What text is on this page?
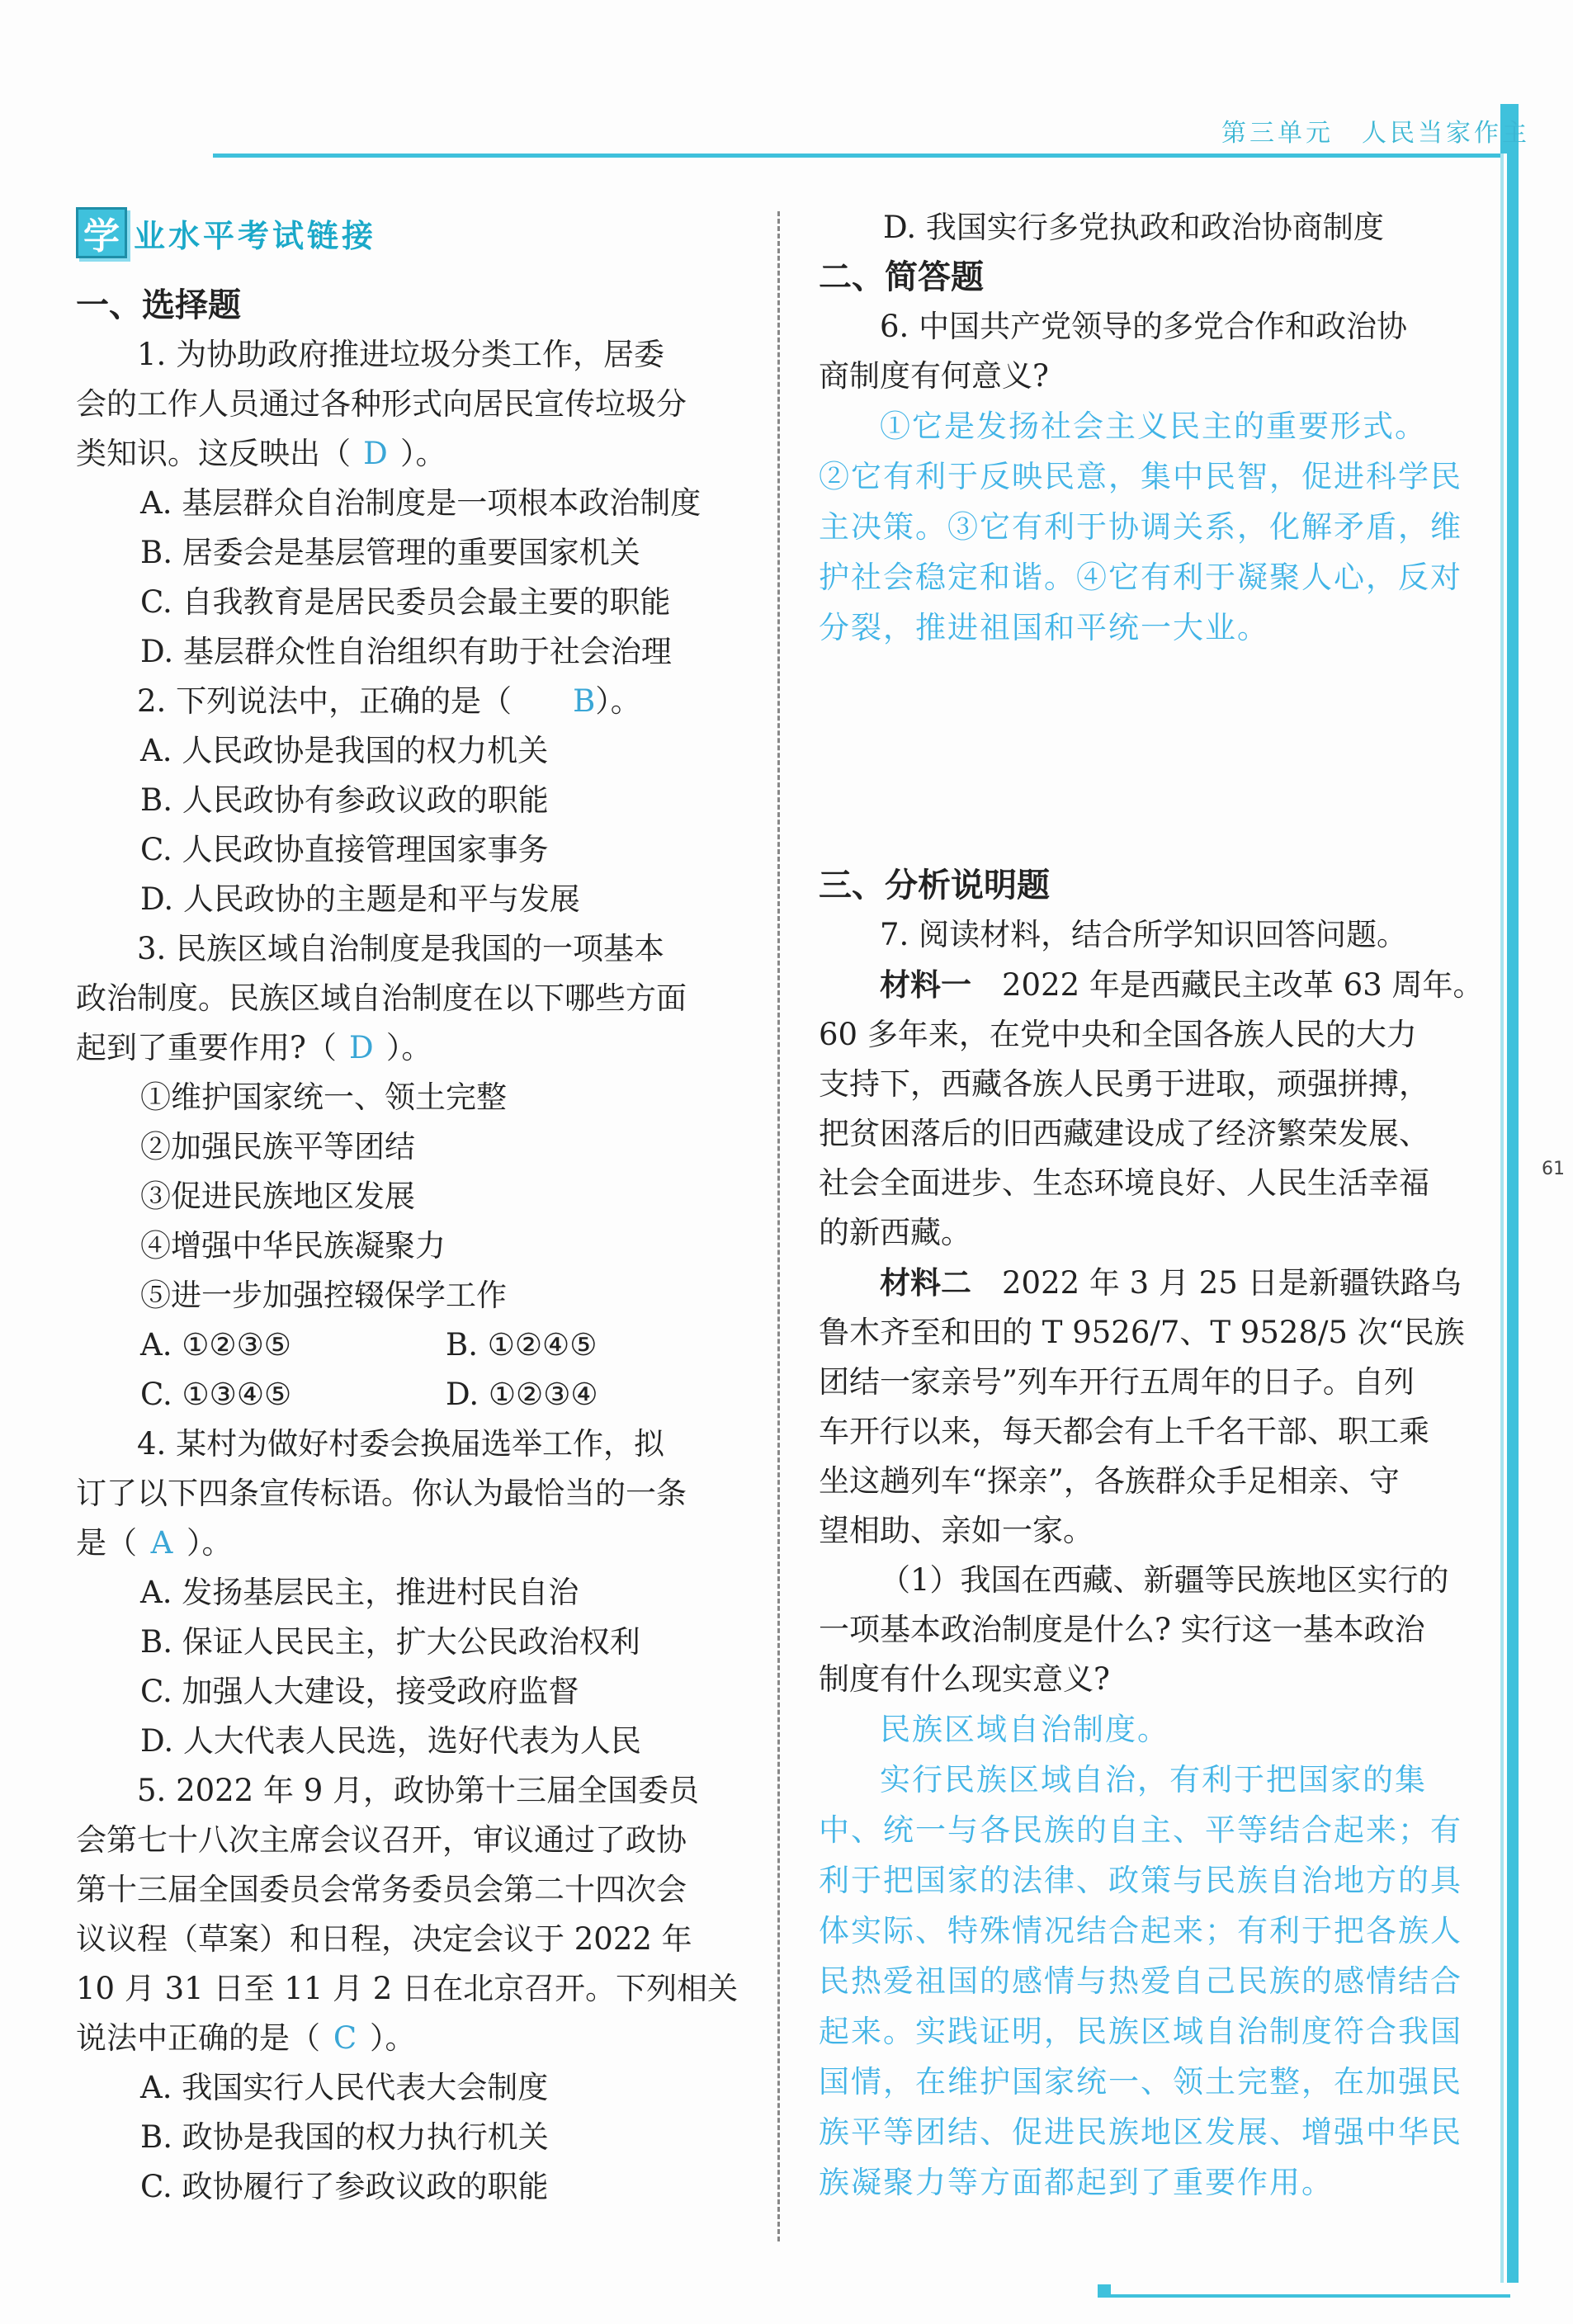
第三单元　人民当家作主
61
学 业水平考试链接

一、选择题

1. 为协助政府推进垃圾分类工作，居委

会的工作人员通过各种形式向居民宣传垃圾分

类知识。这反映出（ D ）。

A. 基层群众自治制度是一项根本政治制度

B. 居委会是基层管理的重要国家机关

C. 自我教育是居民委员会最主要的职能

D. 基层群众性自治组织有助于社会治理

2. 下列说法中，正确的是（ B）。

A. 人民政协是我国的权力机关

B. 人民政协有参政议政的职能

C. 人民政协直接管理国家事务

D. 人民政协的主题是和平与发展

3. 民族区域自治制度是我国的一项基本

政治制度。民族区域自治制度在以下哪些方面

起到了重要作用?（ D ）。

①维护国家统一、领土完整

②加强民族平等团结

③促进民族地区发展

④增强中华民族凝聚力

⑤进一步加强控辍保学工作

A. ①②③⑤	B. ①②④⑤
C. ①③④⑤	D. ①②③④

4. 某村为做好村委会换届选举工作，拟

订了以下四条宣传标语。你认为最恰当的一条

是（ A ）。

A. 发扬基层民主，推进村民自治

B. 保证人民民主，扩大公民政治权利

C. 加强人大建设，接受政府监督

D. 人大代表人民选，选好代表为人民

5. 2022 年 9 月，政协第十三届全国委员

会第七十八次主席会议召开，审议通过了政协

第十三届全国委员会常务委员会第二十四次会

议议程（草案）和日程，决定会议于 2022 年

10 月 31 日至 11 月 2 日在北京召开。下列相关

说法中正确的是（ C ）。

A. 我国实行人民代表大会制度

B. 政协是我国的权力执行机关

C. 政协履行了参政议政的职能

D. 我国实行多党执政和政治协商制度

二、简答题

6. 中国共产党领导的多党合作和政治协

商制度有何意义?

①它是发扬社会主义民主的重要形式。

②它有利于反映民意，集中民智，促进科学民

主决策。③它有利于协调关系，化解矛盾，维

护社会稳定和谐。④它有利于凝聚人心，反对

分裂，推进祖国和平统一大业。

三、分析说明题

7. 阅读材料，结合所学知识回答问题。

材料一　2022 年是西藏民主改革 63 周年。

60 多年来，在党中央和全国各族人民的大力

支持下，西藏各族人民勇于进取，顽强拼搏，

把贫困落后的旧西藏建设成了经济繁荣发展、

社会全面进步、生态环境良好、人民生活幸福

的新西藏。

材料二　2022 年 3 月 25 日是新疆铁路乌

鲁木齐至和田的 T 9526/7、T 9528/5 次“民族

团结一家亲号”列车开行五周年的日子。自列

车开行以来，每天都会有上千名干部、职工乘

坐这趟列车“探亲”，各族群众手足相亲、守

望相助、亲如一家。

（1）我国在西藏、新疆等民族地区实行的

一项基本政治制度是什么? 实行这一基本政治

制度有什么现实意义?

民族区域自治制度。

实行民族区域自治，有利于把国家的集

中、统一与各民族的自主、平等结合起来；有

利于把国家的法律、政策与民族自治地方的具

体实际、特殊情况结合起来；有利于把各族人

民热爱祖国的感情与热爱自己民族的感情结合

起来。实践证明，民族区域自治制度符合我国

国情，在维护国家统一、领土完整，在加强民

族平等团结、促进民族地区发展、增强中华民

族凝聚力等方面都起到了重要作用。
